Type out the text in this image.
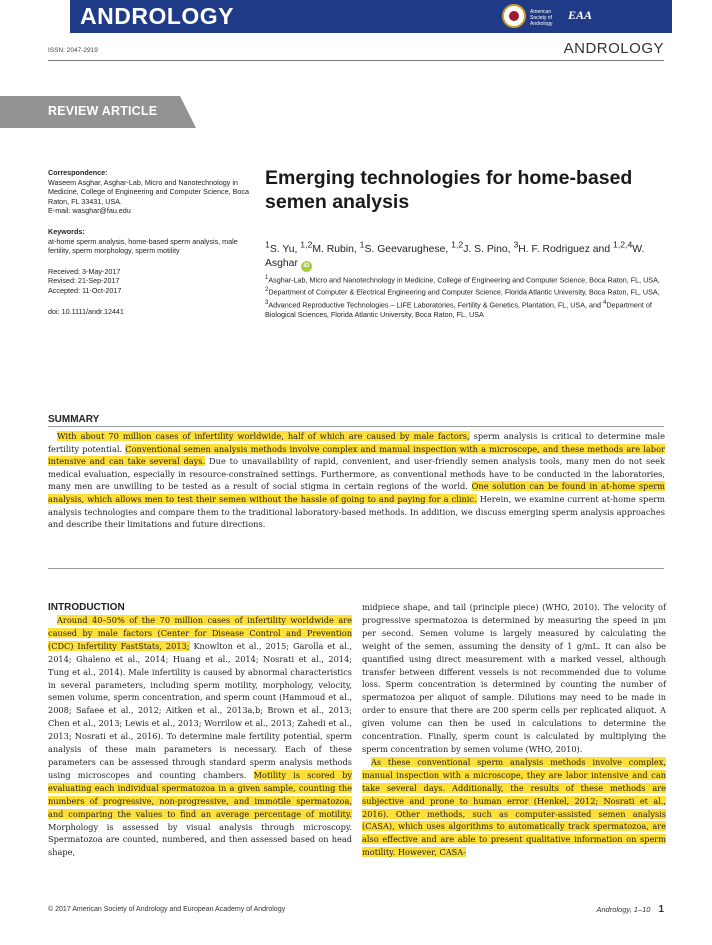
ANDROLOGY	American Society of Andrology
EAA
ISSN: 2047-2919	ANDROLOGY
REVIEW ARTICLE
Correspondence:
Waseem Asghar, Asghar-Lab, Micro and Nanotechnology in Medicine, College of Engineering and Computer Science, Boca Raton, FL 33431, USA.
E-mail: wasghar@fau.edu
Keywords:
at-home sperm analysis, home-based sperm analysis, male fertility, sperm morphology, sperm motility
Received: 3-May-2017
Revised: 21-Sep-2017
Accepted: 11-Oct-2017
doi: 10.1111/andr.12441
Emerging technologies for home-based semen analysis
$^1$S. Yu, $^{1,2}$M. Rubin, $^1$S. Geevarughese, $^{1,2}$J. S. Pino, $^3$H. F. Rodriguez and $^{1,2,4}$W. Asghar iD
$^1$Asghar-Lab, Micro and Nanotechnology in Medicine, College of Engineering and Computer Science, Boca Raton, FL, USA, $^2$Department of Computer & Electrical Engineering and Computer Science, Florida Atlantic University, Boca Raton, FL, USA, $^3$Advanced Reproductive Technologies – LIFE Laboratories, Fertility & Genetics, Plantation, FL, USA, and $^4$Department of Biological Sciences, Florida Atlantic University, Boca Raton, FL, USA
SUMMARY
With about 70 million cases of infertility worldwide, half of which are caused by male factors, sperm analysis is critical to determine male fertility potential. Conventional semen analysis methods involve complex and manual inspection with a microscope, and these methods are labor intensive and can take several days. Due to unavailability of rapid, convenient, and user-friendly semen analysis tools, many men do not seek medical evaluation, especially in resource-constrained settings. Furthermore, as conventional methods have to be conducted in the laboratories, many men are unwilling to be tested as a result of social stigma in certain regions of the world. One solution can be found in at-home sperm analysis, which allows men to test their semen without the hassle of going to and paying for a clinic. Herein, we examine current at-home sperm analysis technologies and compare them to the traditional laboratory-based methods. In addition, we discuss emerging sperm analysis approaches and describe their limitations and future directions.
INTRODUCTION
Around 40–50% of the 70 million cases of infertility worldwide are caused by male factors (Center for Disease Control and Prevention (CDC) Infertility FastStats, 2013; Knowlton et al., 2015; Garolla et al., 2014; Ghaleno et al., 2014; Huang et al., 2014; Nosrati et al., 2014; Tung et al., 2014). Male infertility is caused by abnormal characteristics in several parameters, including sperm motility, morphology, velocity, semen volume, sperm concentration, and sperm count (Hammoud et al., 2008; Safaee et al., 2012; Aitken et al., 2013a,b; Brown et al., 2013; Chen et al., 2013; Lewis et al., 2013; Worrilow et al., 2013; Zahedi et al., 2013; Nosrati et al., 2016). To determine male fertility potential, sperm analysis of these main parameters is necessary. Each of these parameters can be assessed through standard sperm analysis methods using microscopes and counting chambers. Motility is scored by evaluating each individual spermatozoa in a given sample, counting the numbers of progressive, non-progressive, and immotile spermatozoa, and comparing the values to find an average percentage of motility. Morphology is assessed by visual analysis through microscopy. Spermatozoa are counted, numbered, and then assessed based on head shape,
midpiece shape, and tail (principle piece) (WHO, 2010). The velocity of progressive spermatozoa is determined by measuring the speed in μm per second. Semen volume is largely measured by calculating the weight of the semen, assuming the density of 1 g/mL. It can also be quantified using direct measurement with a marked vessel, although transfer between different vessels is not recommended due to volume loss. Sperm concentration is determined by counting the number of spermatozoa per aliquot of sample. Dilutions may need to be made in order to ensure that there are 200 sperm cells per replicated aliquot. A given volume can then be used in calculations to determine the concentration. Finally, sperm count is calculated by multiplying the sperm concentration by semen volume (WHO, 2010).
As these conventional sperm analysis methods involve complex, manual inspection with a microscope, they are labor intensive and can take several days. Additionally, the results of these methods are subjective and prone to human error (Henkel, 2012; Nosrati et al., 2016). Other methods, such as computer-assisted semen analysis (CASA), which uses algorithms to automatically track spermatozoa, are also effective and are able to present qualitative information on sperm motility. However, CASA-
© 2017 American Society of Andrology and European Academy of Andrology	Andrology, 1–10 1
